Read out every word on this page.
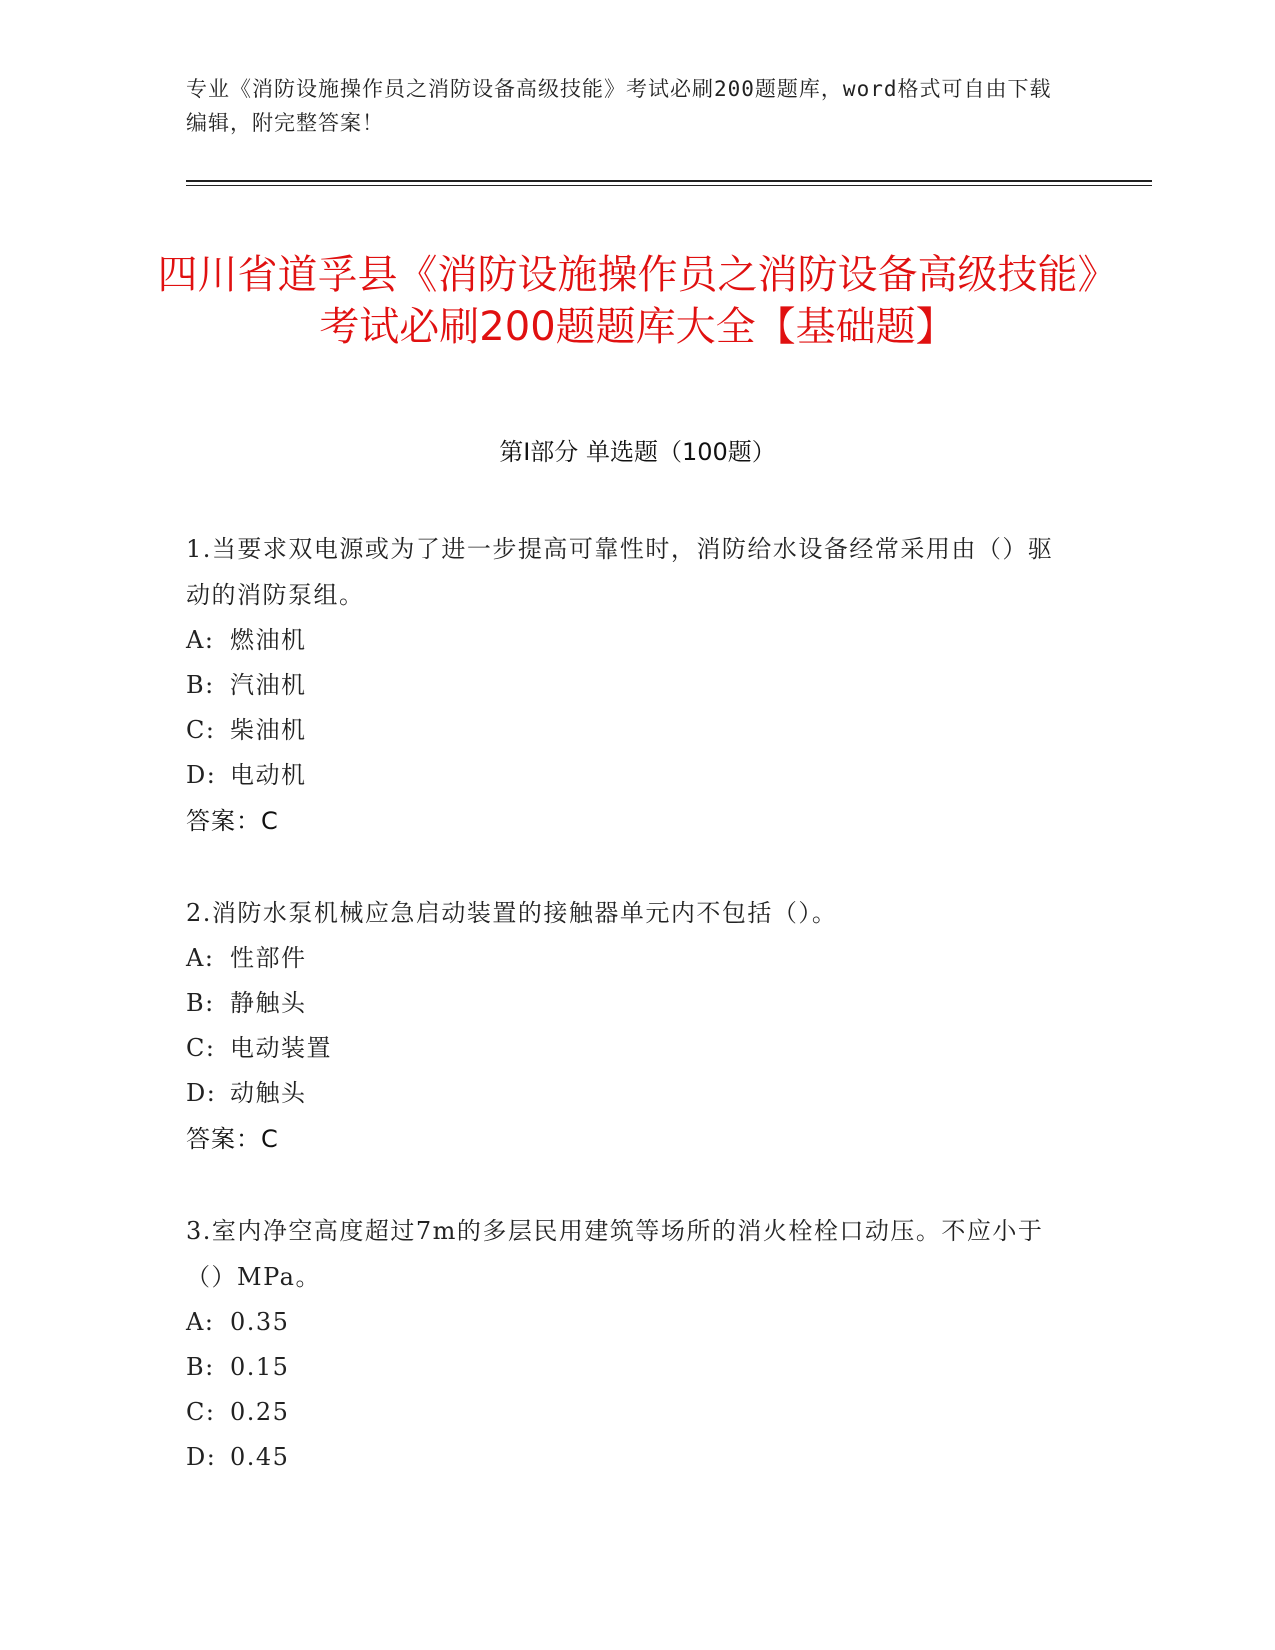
专业《消防设施操作员之消防设备高级技能》考试必刷200题题库，word格式可自由下载编辑，附完整答案！
四川省道孚县《消防设施操作员之消防设备高级技能》考试必刷200题题库大全【基础题】
第I部分 单选题（100题）
1.当要求双电源或为了进一步提高可靠性时，消防给水设备经常采用由（）驱动的消防泵组。
A: 燃油机
B: 汽油机
C: 柴油机
D: 电动机
答案：C
2.消防水泵机械应急启动装置的接触器单元内不包括（）。
A: 性部件
B: 静触头
C: 电动装置
D: 动触头
答案：C
3.室内净空高度超过7m的多层民用建筑等场所的消火栓栓口动压。不应小于（）MPa。
A: 0.35
B: 0.15
C: 0.25
D: 0.45
